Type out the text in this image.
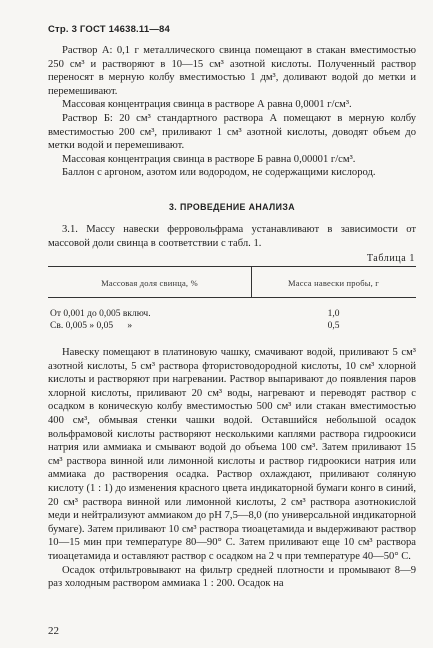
Стр. 3 ГОСТ 14638.11—84

Раствор А: 0,1 г металлического свинца помещают в стакан вместимостью 250 см³ и растворяют в 10—15 см³ азотной кислоты. Полученный раствор переносят в мерную колбу вместимостью 1 дм³, доливают водой до метки и перемешивают.

Массовая концентрация свинца в растворе А равна 0,0001 г/см³.

Раствор Б: 20 см³ стандартного раствора А помещают в мерную колбу вместимостью 200 см³, приливают 1 см³ азотной кислоты, доводят объем до метки водой и перемешивают.

Массовая концентрация свинца в растворе Б равна 0,00001 г/см³.

Баллон с аргоном, азотом или водородом, не содержащими кислород.

3. ПРОВЕДЕНИЕ АНАЛИЗА

3.1. Массу навески ферровольфрама устанавливают в зависимости от массовой доли свинца в соответствии с табл. 1.

Таблица 1
Массовая доля свинца, %	Масса навески пробы, г
От 0,001 до 0,005 включ.	1,0
Св. 0,005 » 0,05      »	0,5

Навеску помещают в платиновую чашку, смачивают водой, приливают 5 см³ азотной кислоты, 5 см³ раствора фтористоводородной кислоты, 10 см³ хлорной кислоты и растворяют при нагревании. Раствор выпаривают до появления паров хлорной кислоты, приливают 20 см³ воды, нагревают и переводят раствор с осадком в коническую колбу вместимостью 500 см³ или стакан вместимостью 400 см³, обмывая стенки чашки водой. Оставшийся небольшой осадок вольфрамовой кислоты растворяют несколькими каплями раствора гидроокиси натрия или аммиака и смывают водой до объема 100 см³. Затем приливают 15 см³ раствора винной или лимонной кислоты и раствор гидроокиси натрия или аммиака до растворения осадка. Раствор охлаждают, приливают соляную кислоту (1 : 1) до изменения красного цвета индикаторной бумаги конго в синий, 20 см³ раствора винной или лимонной кислоты, 2 см³ раствора азотнокислой меди и нейтрализуют аммиаком до pH 7,5—8,0 (по универсальной индикаторной бумаге). Затем приливают 10 см³ раствора тиоацетамида и выдерживают раствор 10—15 мин при температуре 80—90° С. Затем приливают еще 10 см³ раствора тиоацетамида и оставляют раствор с осадком на 2 ч при температуре 40—50° С.

Осадок отфильтровывают на фильтр средней плотности и промывают 8—9 раз холодным раствором аммиака 1 : 200. Осадок на

22
